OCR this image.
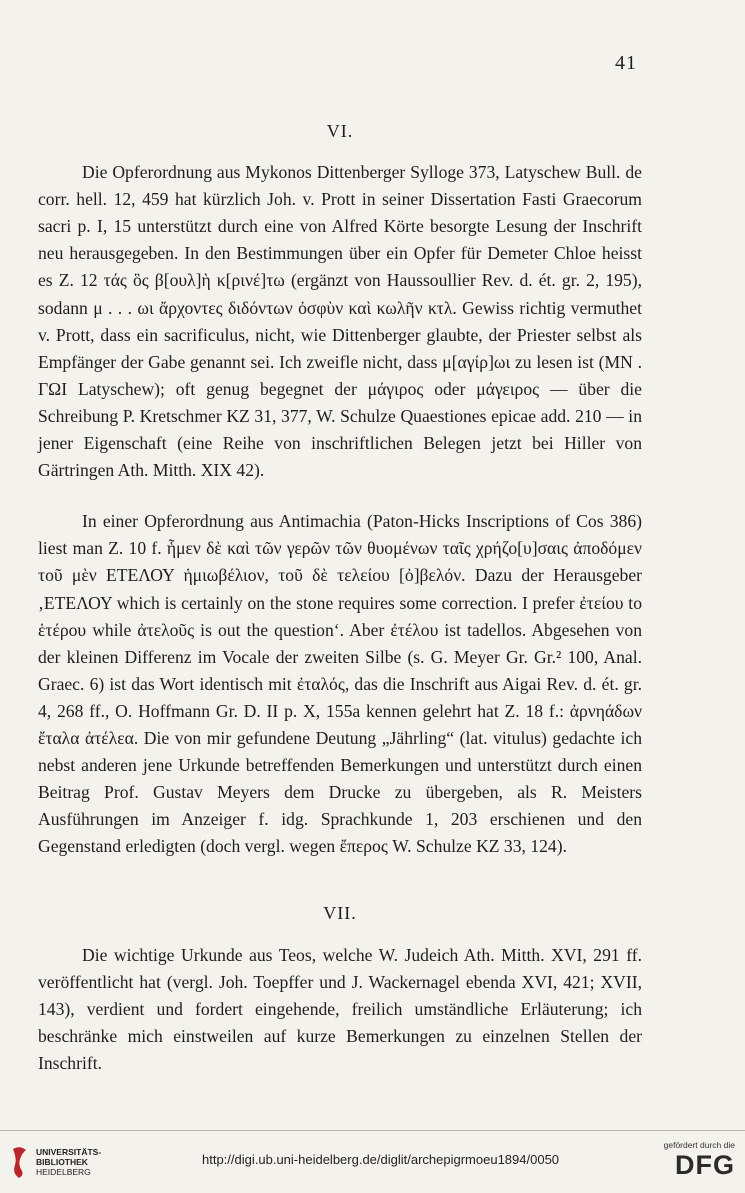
41
VI.

Die Opferordnung aus Mykonos Dittenberger Sylloge 373, Latyschew Bull. de corr. hell. 12, 459 hat kürzlich Joh. v. Prott in seiner Dissertation Fasti Graecorum sacri p. I, 15 unterstützt durch eine von Alfred Körte besorgte Lesung der Inschrift neu herausgegeben. In den Bestimmungen über ein Opfer für Demeter Chloe heisst es Z. 12 τάς ὃς β[ουλ]ὴ κ[ρινέ]τω (ergänzt von Haussoullier Rev. d. ét. gr. 2, 195), sodann μ . . . ωι ἄρχοντες διδόντων ὀσφὺν καὶ κωλῆν κτλ. Gewiss richtig vermuthet v. Prott, dass ein sacrificulus, nicht, wie Dittenberger glaubte, der Priester selbst als Empfänger der Gabe genannt sei. Ich zweifle nicht, dass μ[αγίρ]ωι zu lesen ist (ΜΝ . ΓΩΙ Latyschew); oft genug begegnet der μάγιρος oder μάγειρος — über die Schreibung P. Kretschmer KZ 31, 377, W. Schulze Quaestiones epicae add. 210 — in jener Eigenschaft (eine Reihe von inschriftlichen Belegen jetzt bei Hiller von Gärtringen Ath. Mitth. XIX 42).

In einer Opferordnung aus Antimachia (Paton-Hicks Inscriptions of Cos 386) liest man Z. 10 f. ἧμεν δὲ καὶ τῶν γερῶν τῶν θυομένων ταῖς χρήζο[υ]σαις ἀποδόμεν τοῦ μὲν ΕΤΕΛΟΥ ἡμιωβέλιον, τοῦ δὲ τελείου [ὀ]βελόν. Dazu der Herausgeber ‚ΕΤΕΛΟΥ which is certainly on the stone requires some correction. I prefer ἐτείου to ἑτέρου while ἀτελοῦς is out the question‘. Aber ἐτέλου ist tadellos. Abgesehen von der kleinen Differenz im Vocale der zweiten Silbe (s. G. Meyer Gr. Gr.² 100, Anal. Graec. 6) ist das Wort identisch mit ἐταλός, das die Inschrift aus Aigai Rev. d. ét. gr. 4, 268 ff., O. Hoffmann Gr. D. II p. X, 155a kennen gelehrt hat Z. 18 f.: ἀρνηάδων ἔταλα ἀτέλεα. Die von mir gefundene Deutung „Jährling“ (lat. vitulus) gedachte ich nebst anderen jene Urkunde betreffenden Bemerkungen und unterstützt durch einen Beitrag Prof. Gustav Meyers dem Drucke zu übergeben, als R. Meisters Ausführungen im Anzeiger f. idg. Sprachkunde 1, 203 erschienen und den Gegenstand erledigten (doch vergl. wegen ἔπερος W. Schulze KZ 33, 124).

VII.

Die wichtige Urkunde aus Teos, welche W. Judeich Ath. Mitth. XVI, 291 ff. veröffentlicht hat (vergl. Joh. Toepffer und J. Wackernagel ebenda XVI, 421; XVII, 143), verdient und fordert eingehende, freilich umständliche Erläuterung; ich beschränke mich einstweilen auf kurze Bemerkungen zu einzelnen Stellen der Inschrift.

UNIVERSITÄTS-
BIBLIOTHEK
HEIDELBERG
http://digi.ub.uni-heidelberg.de/diglit/archepigrmoeu1894/0050
gefördert durch die
DFG
